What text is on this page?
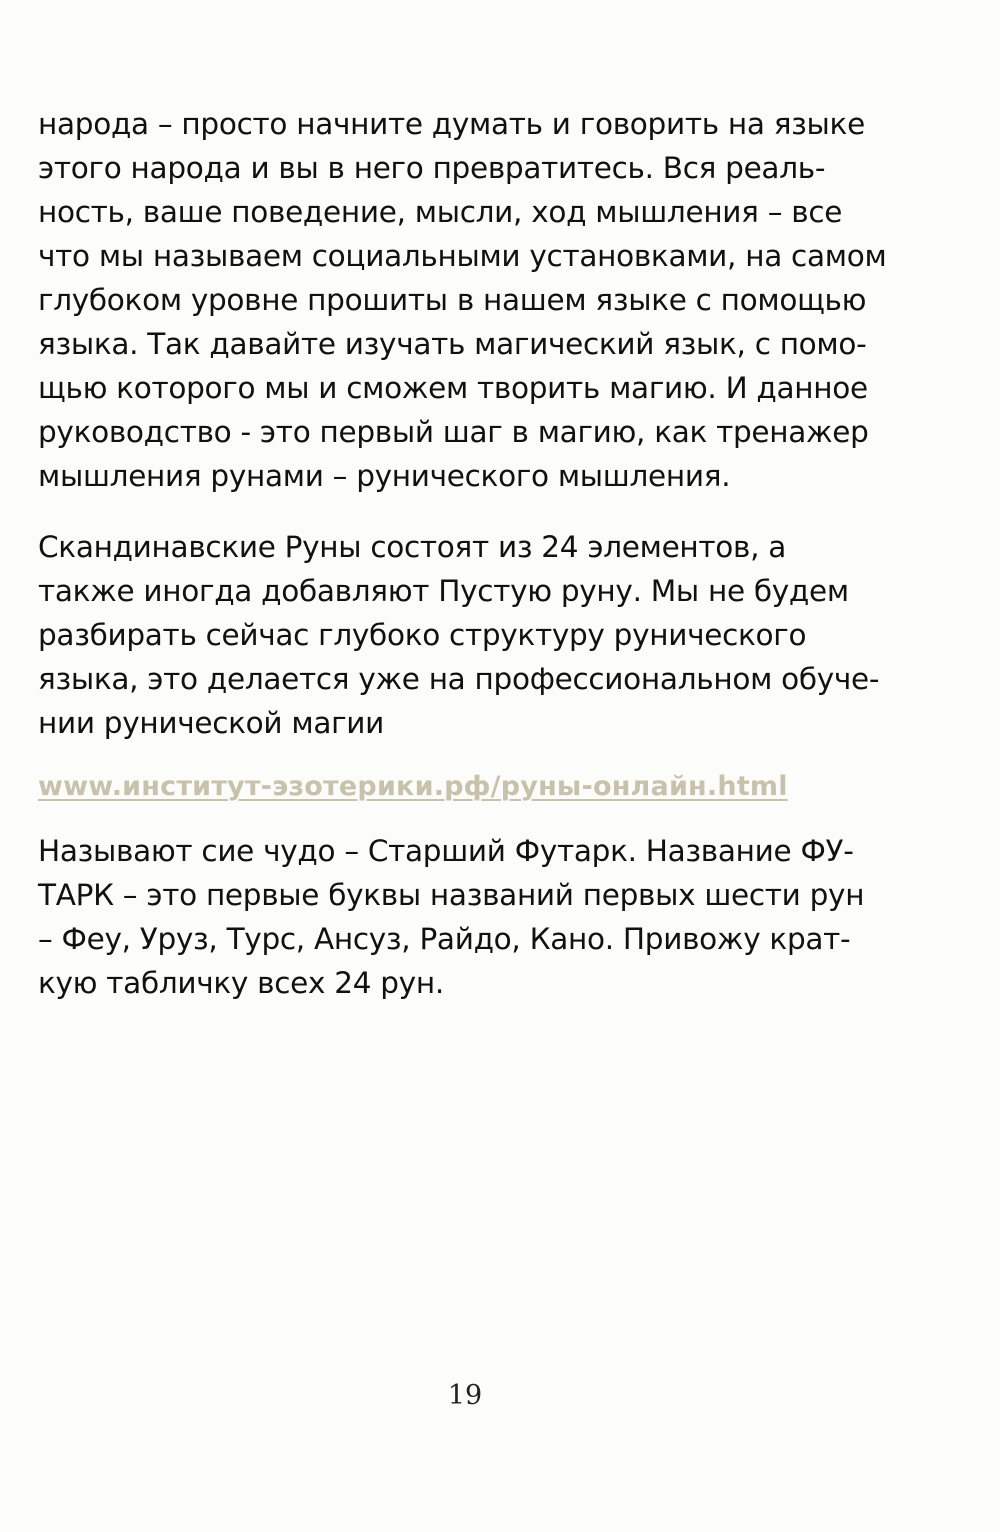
народа – просто начните думать и говорить на языке
этого народа и вы в него превратитесь. Вся реаль-
ность, ваше поведение, мысли, ход мышления – все
что мы называем социальными установками, на самом
глубоком уровне прошиты в нашем языке с помощью
языка. Так давайте изучать магический язык, с помо-
щью которого мы и сможем творить магию. И данное
руководство - это первый шаг в магию, как тренажер
мышления рунами – рунического мышления.
Скандинавские Руны состоят из 24 элементов, а
также иногда добавляют Пустую руну. Мы не будем
разбирать сейчас глубоко структуру рунического
языка, это делается уже на профессиональном обуче-
нии рунической магии
www.институт-эзотерики.рф/руны-онлайн.html
Называют сие чудо – Старший Футарк. Название ФУ-
ТАРК – это первые буквы названий первых шести рун
– Феу, Уруз, Турс, Ансуз, Райдо, Кано. Привожу крат-
кую табличку всех 24 рун.
19
